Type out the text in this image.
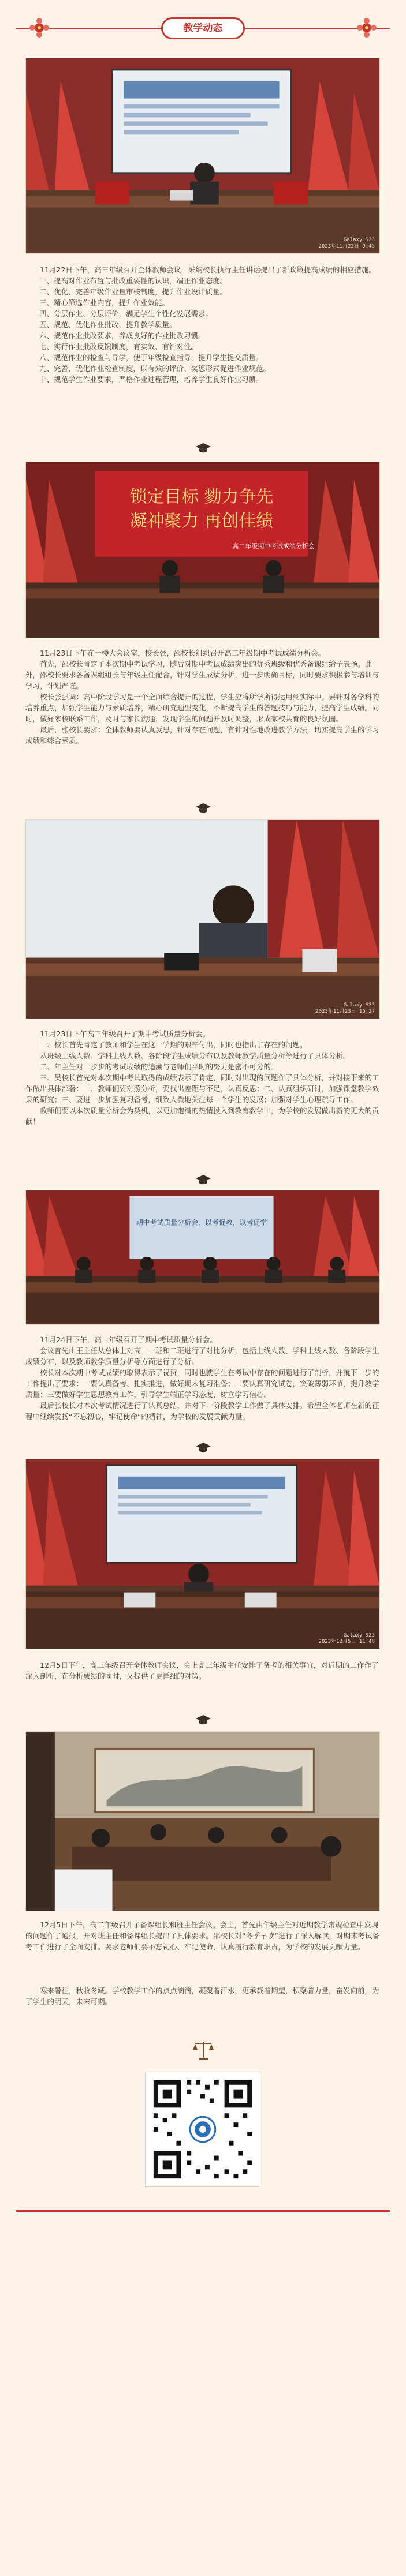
教学动态
Galaxy S23
2023年11月22日 9:45

11月22日下午，高三年级召开全体教师会议，采纳校长执行主任讲话提出了新政策提高成绩的相应措施。

一、提高对作业布置与批改重要性的认识，端正作业态度。
二、优化、完善年级作业量审核制度，提升作业设计质量。
三、精心筛选作业内容，提升作业效能。
四、分层作业、分层评价，满足学生个性化发展需求。
五、规范、优化作业批改，提升教学质量。
六、规范作业批改要求，养成良好的作业批改习惯。
七、实行作业批改反馈制度，有实效、有针对性。
八、规范作业的检查与导学，使于年级检查指导，提升学生提交质量。
九、完善、优化作业检查制度，以有效的评价、奖惩形式促进作业规范。
十、规范学生作业要求，严格作业过程管理，培养学生良好作业习惯。
锁定目标 勠力争先
凝神聚力 再创佳绩
高二年级期中考试成绩分析会

11月23日下午在一楼大会议室，校长张，邵校长组织召开高二年级期中考试成绩分析会。

首先，邵校长肯定了本次期中考试学习，随后对期中考试成绩突出的优秀班级和优秀备课组给予表扬。此外，邵校长要求各备课组组长与年级主任配合，针对学生成绩分析，进一步明确目标，同时要求积极参与培训与学习，计划严谨。

校长张强调：高中阶段学习是一个全面综合提升的过程，学生应将所学所得运用到实际中。要针对各学科的培养重点，加强学生能力与素质培养，精心研究题型变化，不断提高学生的答题技巧与能力，提高学生成绩。同时，做好家校联系工作，及时与家长沟通，发现学生的问题并及时调整，形成家校共育的良好氛围。

最后，张校长要求：全体教师要认真反思，针对存在问题，有针对性地改进教学方法，切实提高学生的学习成绩和综合素质。

Galaxy S23
2023年11月23日 15:27

11月23日下午高三年级召开了期中考试质量分析会。

一、校长首先肯定了教师和学生在这一学期的艰辛付出，同时也指出了存在的问题。

从班级上线人数、学科上线人数、各阶段学生成绩分布以及教师教学质量分析等进行了具体分析。

二、年主任对一步步的考试成绩的追溯与老师们平时的努力是密不可分的。

三、吴校长首先对本次期中考试取得的成绩表示了肯定，同时对出现的问题作了具体分析，并对接下来的工作做出具体部署：一、教师们要对照分析，要找出差距与不足，认真反思；二、认真组织研讨，加强课堂教学效果的研究；三、要进一步加强复习备考，细致人微地关注每一个学生的发展；加强对学生心理疏导工作。

教师们要以本次质量分析会为契机，以更加饱满的热情投入到教育教学中，为学校的发展做出新的更大的贡献！

期中考试质量分析会，以考促教，以考促学

11月24日下午，高一年级召开了期中考试质量分析会。

会议首先由王主任从总体上对高一一班和二班进行了对比分析，包括上线人数、学科上线人数、各阶段学生成绩分布，以及教师教学质量分析等方面进行了分析。

校长对本次期中考试成绩的取得表示了祝贺，同时也就学生在考试中存在的问题进行了剖析，并就下一步的工作提出了要求：一要认真备考、扎实推进，做好期末复习准备；二要认真研究试卷，突破薄弱环节，提升教学质量；三要做好学生思想教育工作，引导学生端正学习态度，树立学习信心。

最后张校长对本次考试情况进行了认真总结，并对下一阶段教学工作做了具体安排。希望全体老师在新的征程中继续发扬“不忘初心，牢记使命”的精神，为学校的发展贡献力量。

Galaxy S23
2023年12月5日 11:48

12月5日下午，高三年级召开全体教师会议，会上高三年级主任安排了备考的相关事宜，对近期的工作作了深入剖析，在分析成绩的同时，又提供了更详细的对策。

12月5日下午，高二年级召开了备课组长和班主任会议。会上，首先由年级主任对近期教学常规检查中发现的问题作了通报，并对班主任和备课组长提出了具体要求。邵校长对“冬季早读”进行了深入解读，对期末考试备考工作进行了全面安排。要求老师们要不忘初心、牢记使命，认真履行教育职责，为学校的发展贡献力量。

寒来暑往，秋收冬藏。学校教学工作的点点滴滴，凝聚着汗水，更承载着期望，积聚着力量，奋发向前，为了学生的明天，未来可期。
